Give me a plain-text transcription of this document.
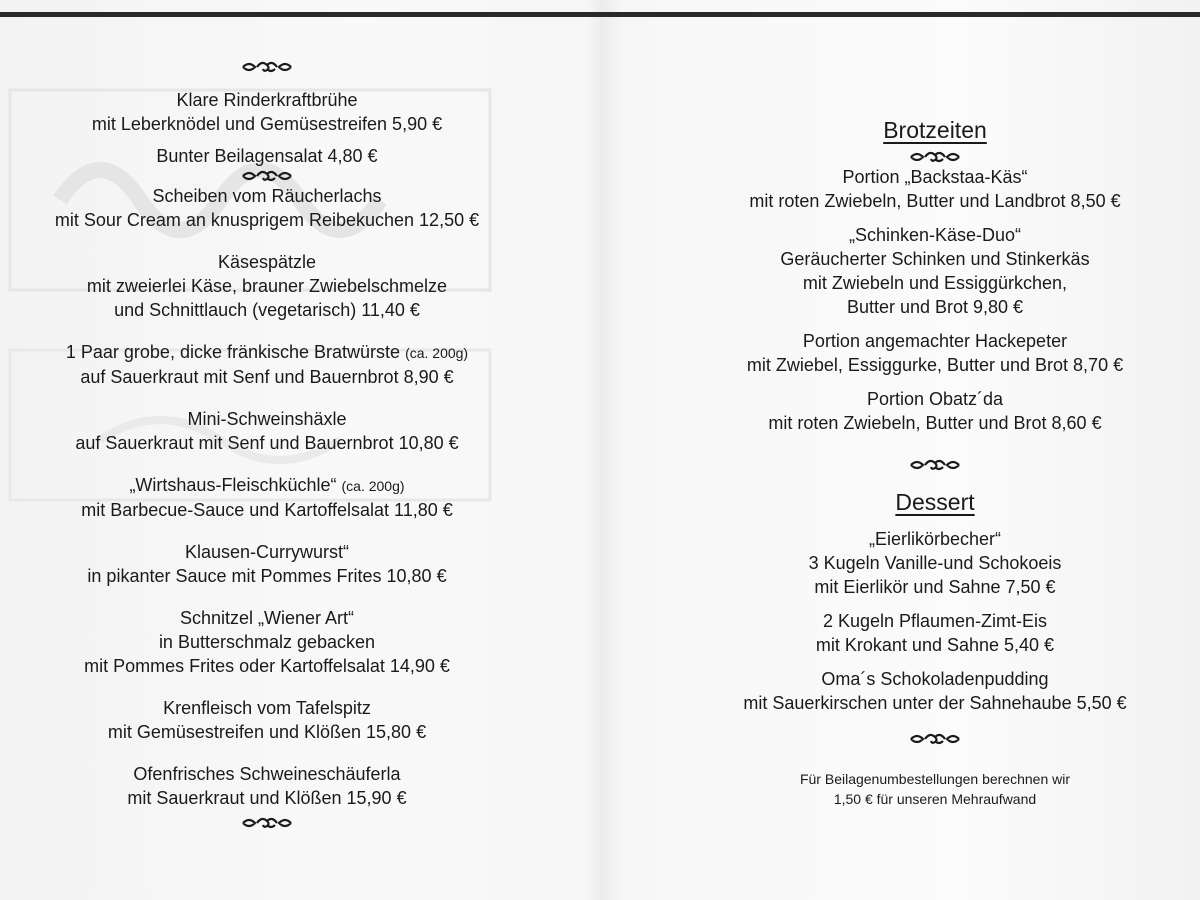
Klare Rinderkraftbrühe
mit Leberknödel und Gemüsestreifen 5,90 €
Bunter Beilagensalat 4,80 €
Scheiben vom Räucherlachs
mit Sour Cream an knusprigem Reibekuchen 12,50 €
Käsespätzle
mit zweierlei Käse, brauner Zwiebelschmelze
und Schnittlauch (vegetarisch) 11,40 €
1 Paar grobe, dicke fränkische Bratwürste (ca. 200g)
auf Sauerkraut mit Senf und Bauernbrot 8,90 €
Mini-Schweinshäxle
auf Sauerkraut mit Senf und Bauernbrot 10,80 €
„Wirtshaus-Fleischküchle“ (ca. 200g)
mit Barbecue-Sauce und Kartoffelsalat 11,80 €
Klausen-Currywurst“
in pikanter Sauce mit Pommes Frites 10,80 €
Schnitzel „Wiener Art“
in Butterschmalz gebacken
mit Pommes Frites oder Kartoffelsalat 14,90 €
Krenfleisch vom Tafelspitz
mit Gemüsestreifen und Klößen 15,80 €
Ofenfrisches Schweineschäuferla
mit Sauerkraut und Klößen 15,90 €
Brotzeiten
Portion „Backstaa-Käs“
mit roten Zwiebeln, Butter und Landbrot 8,50 €
„Schinken-Käse-Duo“
Geräucherter Schinken und Stinkerkäs
mit Zwiebeln und Essiggürkchen,
Butter und Brot 9,80 €
Portion angemachter Hackepeter
mit Zwiebel, Essiggurke, Butter und Brot 8,70 €
Portion Obatz´da
mit roten Zwiebeln, Butter und Brot 8,60 €
Dessert
„Eierlikörbecher“
3 Kugeln Vanille-und Schokoeis
mit Eierlikör und Sahne 7,50 €
2 Kugeln Pflaumen-Zimt-Eis
mit Krokant und Sahne 5,40 €
Oma´s Schokoladenpudding
mit Sauerkirschen unter der Sahnehaube 5,50 €
Für Beilagenumbestellungen berechnen wir
1,50 € für unseren Mehraufwand
